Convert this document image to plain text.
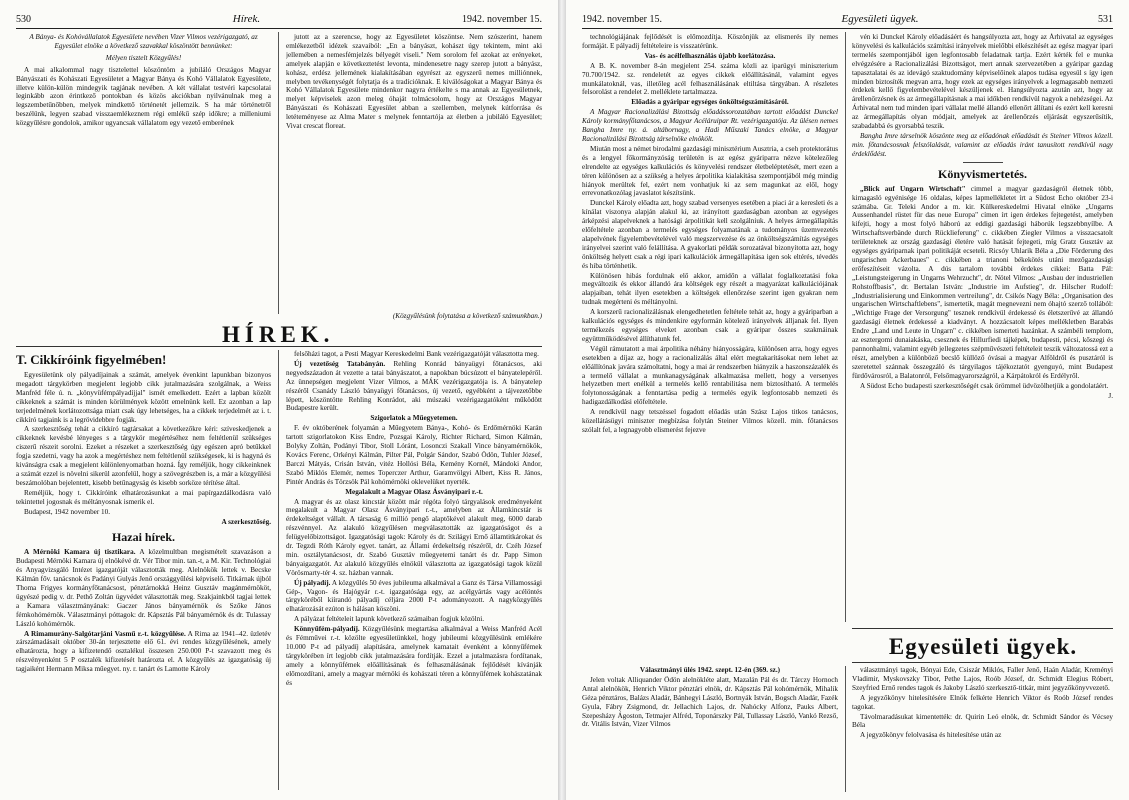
530	Hírek.	1942. november 15.

A Bánya- és Kohóvállalatok Egyesülete nevében Vizer Vilmos vezérigazgató, az Egyesület elnöke a következő szavakkal köszöntött bennünket:

Mélyen tisztelt Közgyűlés!

A mai alkalommal nagy tisztelettel köszöntöm a jubiláló Országos Magyar Bányászati és Kohászati Egyesületet a Magyar Bánya és Kohó Vállalatok Egyesülete, illetve külön-külön mindegyik tagjának nevében. A két vállalat testvéri kapcsolatai leginkább azon érintkező pontokban és közös akciókban nyilvánulnak meg a legszembetűnőbben, melyek mindkettő történetét jellemzik. S ha már történetről beszélünk, legyen szabad visszaemlékeznem régi emlékű szép időkre; a milleniumi közgyűlésre gondolok, amikor ugyancsak vállalatom egy vezető emberének

jutott az a szerencse, hogy az Egyesületet köszöntse. Nem szószerint, hanem emlékezetből idézek szavaiból: „En a bányászt, kohászt úgy tekintem, mint aki jellemében a nemesfémjelzés bélyegét viseli." Nem sorolom fel azokat az erényeket, amelyek alapján e következtetést levonta, mindenesetre nagy szerep jutott a bányász, kohász, erdész jellemének kialakításában egyrészt az egyszerű nemes milliónnek, melyben tevékenységét folytatja és a tradícióknak. E kiválóságokat a Magyar Bánya és Kohó Vállalatok Egyesülete mindenkor nagyra értékelte s ma annak az Egyesületnek, melyet képviselek azon meleg óhaját tolmácsolom, hogy az Országos Magyar Bányászati és Kohászati Egyesület abban a szellemben, melynek kútforrása és letéteményese az Alma Mater s melynek fenntartója az életben a jubiláló Egyesület; Vivat crescat floreat.

(Közgyűlésünk folytatása a következő számunkban.)
HÍREK.
T. Cikkíróink figyelmében!

Egyesületünk oly pályadíjainak a számát, amelyek évenkint lapunkban bizonyos megadott tárgykörben megjelent legjobb cikk jutalmazására szolgálnak, a Weiss Manfréd féle ú. n. „könyvüfémpályadíjjal" ismét emelkedett. Ezért a lapban közölt cikkeknek a számát is minden körülmények között emelnünk kell. Ez azonban a lap terjedelmének korlátozottsága miatt csak úgy lehetséges, ha a cikkek terjedelmét az i. t. cikkíró tagjaink is a legrövidebbre fogják.

A szerkesztőség tehát a cikkíró tagtársakat a következőkre kéri: szíveskedjenek a cikkeknek kevésbé lényeges s a tárgykör megértéséhez nem feltétlenül szükséges ciszerű részeit sorolni. Ezeket a részeket a szerkesztőség úgy egészen apró betűkkel fogja szedetni, vagy ha azok a megértéshez nem feltétlenül szükségesek, ki is hagyná és kivánságra csak a megjelent különlenyomatban hozná. Így reméljük, hogy cikkeinknek a számát ezzel is növelni sikerül azonfelül, hogy a szövegrészben is, a már a közgyűlési beszámolóban bejelentett, kisebb betűnagyság és kisebb sorköze térítése által.

Reméljük, hogy t. Cikkíróink elhatározásunkat a mai papírgazdálkodásra való tekintettel jogosnak és méltányosnak ismerik el.

Budapest, 1942 november 10.

A szerkesztőség.

Hazai hírek.

A Mérnöki Kamara új tisztikara. A közelmultban megismételt szavazáson a Budapesti Mérnöki Kamara új elnökévé dr. Vér Tibor min. tan.-t, a M. Kir. Technológiai és Anyagvizsgáló Intézet igazgatóját választották meg. Alelnökök lettek v. Becske Kálmán főv. tanácsnok és Padányi Gulyás Jenő országgyűlési képviselő. Titkárnak újból Thoma Frigyes kormányfőtanácsost, pénztárnokká Heinz Gusztáv magánmérnököt, ügyészé pedig v. dr. Pethő Zoltán ügyvédet választották meg. Szakjainkból tagjai lettek a Kamara választmányának: Gaczer János bányamérnök és Szőke János fémkohómérnök. Választmányi póttagok: dr. Kápsztás Pál bányamérnök és dr. Tulassay László kohómérnök.

A Rimamurány-Salgótarjáni Vasmű r.-t. közgyűlése. A Rima az 1941–42. üzletév zárszámadásait október 30-án terjesztette elő 61. évi rendes közgyűlésének, amely elhatározta, hogy a kifizetendő osztalékul összesen 250.000 P-t szavazott meg és részvényenként 5 P osztalék kifizetését határozta el. A közgyűlés az igazgatóság új tagjaiként Hermann Miksa műegyet. ny. r. tanárt és Lamotte Károly

felsőházi tagot, a Pesti Magyar Kereskedelmi Bank vezérigazgatóját választotta meg.

Új vezetőség Tatabányán. Rehling Konrád bányaügyi főtanácsos, aki negyedszázadon át vezette a tatai bányászatot, a napokban búcsúzott el bányatelepéről. Az ünnepségen megjelent Vizer Vilmos, a MÁK vezérigazgatója is. A bányatelep részéről Csanády László bányaügyi főtanácsos, új vezető, egyébként a tájvezetőbbe lépett, köszöntötte Rehling Konrádot, aki múszaki vezérigazgatóként működött Budapestre került.

Szigorlatok a Műegyetemen.

F. év októberének folyamán a Műegyetem Bánya-, Kohó- és Erdőmérnöki Karán tartott szigorlatokon Kiss Endre, Pozsgai Károly, Richter Richard, Simon Kálmán, Bolyky Zoltán, Podányi Tibor, Stoll Lóránt, Losonczi Szakall Vince bányamérnökök, Kovács Ferenc, Orkényi Kálmán, Pilter Pál, Polgár Sándor, Szabó Ödön, Tuhler József, Barczi Mátyás, Crisán István, vitéz Hollósi Béla, Kemény Kornél, Mándoki Andor, Szabó Miklós Elemér, nemes Toperczer Arthur, Garamvölgyi Albert, Kiss R. János, Pintér András és Törzsök Pál kohómérnöki oklevelüket nyerték.

Megalakult a Magyar Olasz Ásványipari r.-t.

A magyar és az olasz kincstár között már régóta folyó tárgyalások eredményeként megalakult a Magyar Olasz Ásványipari r.-t., amelyben az Államkincstár is érdekeltséget vállalt. A társaság 6 millió pengő alaptőkével alakult meg, 6000 darab részvénnyel. Az alakuló közgyűlésen megválasztották az igazgatóságot és a felügyelőbizottságot. Igazgatósági tagok: Károly és dr. Szilágyi Ernő államtitkárokat és dr. Tegzdi Róth Károly egyet. tanárt, az Állami érdekeltség részéről, dr. Czéh József min. osztálytanácsost, dr. Szabó Gusztáv műegyetemi tanárt és dr. Papp Simon bányaigazgatót. Az alakuló közgyűlés elnökül választotta az igazgatósági tagok közül Vörösmarty-tér 4. sz. házban vannak.

Új pályadíj. A közgyűlés 50 éves jubileuma alkalmával a Ganz és Társa Villamossági Gép-, Vagon- és Hajógyár r.-t. igazgatósága egy, az acélgyártás vagy acélöntés tárgyköréből kiírandó pályadíj céljára 2000 P-t adományozott. A nagyközgyűlés elhatározását ezúton is hálásan köszöni.

A pályázat feltételeit lapunk következő számaiban fogjuk közölni.

Könnyűfém-pályadíj. Közgyűlésünk megtartása alkalmával a Weiss Manfréd Acél és Fémművei r.-t. közölte egyesületünkkel, hogy jubileumi közgyűlésünk emlékére 10.000 P-t ad pályadíj alapítására, amelynek kamatait évenként a könnyűfémek tárgykörében írt legjobb cikk jutalmazására fordítják. Ezzel a jutalmazásra fordítanak, amely a könnyűfémek előállításának és felhasználásának fejlődését kívánják előmozdítani, amely a magyar mérnöki és kohászati téren a könnyűfémek kohászatának és

1942. november 15.	Egyesületi ügyek.	531

technológiájának fejlődését is előmozdítja. Köszönjük az elismerés ily nemes formáját. E pályadíj feltételeire is visszatérünk.

Vas- és acélfelhasználás újabb korlátozása.

A B. K. november 8-án megjelent 254. száma közli az iparügyi miniszterium 70.700/1942. sz. rendeletét az egyes cikkek előállításánál, valamint egyes munkálatoknál, vas, illetőleg acél felhasználásának eltiltása tárgyában. A részletes felsorolást a rendelet 2. melléklete tartalmazza.

Előadás a gyáripar egységes önköltségszámításáról.

A Magyar Racionalizálási Bizottság előadássorozatában tartott előadást Dunckel Károly kormányfőtanácsos, a Magyar Acéláruipar Rt. vezérigazgatója. Az ülésen nemes Bangha Imre ny. á. altábornagy, a Hadi Műszaki Tanács elnöke, a Magyar Racionalizálási Bizottság társelnöke elnökölt.

Miután most a német birodalmi gazdasági minisztérium Ausztria, a cseh protektorátus és a lengyel főkormányzóság területén is az egész gyáriparra nézve kötelezőleg elrendelte az egységes kalkulációs és könyvelési rendszer életbeléptetését, mert ezen a téren különösen az a szükség a helyes árpolitika kialakítása szempontjából még mindig hiányok merültek fel, ezért nem vonhatjuk ki az sem magunkat az elől, hogy errevonatkozólag javaslatot készítsünk.

Dunckel Károly előadta azt, hogy szabad versenyes esetében a piaci ár a keresleti és a kínálat viszonya alapján alakul ki, az irányított gazdaságban azonban az egységes árképzési alapelveknek a hatósági árpolitikát kell szolgálniuk. A helyes ármegállapítás előfeltétele azonban a termelés egységes folyamatának a tudományos üzemvezetés alapelvének figyelembevételével való megszervezése és az önköltségszámítás egységes irányelvei szerint való felállítása. A gyakorlati példák sorozatával bizonyította azt, hogy önköltség helyett csak a régi ipari kalkulációk ármegállapítása igen sok eltérés, tévedés és hiba történhetik.

Különösen hibás fordulnak elő akkor, amidőn a vállalat foglalkoztatási foka megváltozik és ekkor állandó ára költségek egy részét a magyarázat kalkulációjának alapjaiban, tehát ilyen esetekben a költségek ellenőrzése szerint igen gyakran nem tudnak megérteni és méltányolni.

A korszerű racionalizálásnak elengedhetetlen feltétele tehát az, hogy a gyáriparban a kalkulációs egységes és mindenkire egyformán kötelező irányelvek álljanak fel. Ilyen termékezés egységes elveket azonban csak a gyáripar összes szakmáinak együttműködésével állíthatunk fel.

Végül rámutatott a mai árpolitika néhány hiányosságára, különösen arra, hogy egyes esetekben a díjaz az, hogy a racionalizálás által elért megtakarításokat nem lehet az előállítónak javára számoltatni, hogy a mai ár rendszerben hiányzik a haszonszázalék és a termelő vállalat a munkanagyságának alkalmazása mellett, hogy a versenyes helyzetben mert enélkül a termelés kellő rentabilitása nem biztosítható. A termelés folytonosságának a fenntartása pedig a termelés egyik legfontosabb nemzeti és hadigazdálkodási előfeltétele.

A rendkívül nagy tetszéssel fogadott előadás után Szász Lajos titkos tanácsos, közellátásügyi miniszter megbízása folytán Steiner Vilmos közell. min. főtanácsos szólalt fel, a legnagyobb elismerést fejezve

vén ki Dunckel Károly előadásáért és hangsúlyozta azt, hogy az Árhivatal az egységes könyvelési és kalkulációs számítási irányelvek mielőbbi elkészítését az egész magyar ipari termelés szempontjából igen legfontosabb feladatnak tartja. Ezért kérték fel e munka elvégzésére a Racionalizálási Bizottságot, mert annak szervezetében a gyáripar gazdag tapasztalatai és az idevágó szaktudomány képviselőinek alapos tudása egyesül s így igen minden biztosíték megvan arra, hogy ezek az egységes irányelvek a legmagasabb nemzeti érdekek kellő figyelembevételével készüljenek el. Hangsúlyozta azután azt, hogy az árellenőrzésnek és az ármegállapításnak a mai időkben rendkívül nagyok a nehézségei. Az Árhivatal nem tud minden ipari vállalat mellé állandó ellenőrt állítani és ezért kell keresni az ármegállapítás olyan módjait, amelyek az árellenőrzés eljárását egyszerűsítik, szabadabbá és gyorsabbá teszik.

Bangha Imre társelnök köszönte meg az előadónak előadását és Steiner Vilmos közell. min. főtanácsosnak felszólalását, valamint az előadás iránt tanusított rendkívül nagy érdeklődést.

Könyvismertetés.

„Blick auf Ungarn Wirtschaft" cimmel a magyar gazdaságról életnek több, kimagasló egyénisége 16 oldalas, képes lapmellékletet írt a Südost Echo október 23-i számába. Gr. Teleki Andor a m. kir. Külkereskedelmi Hivatal elnöke „Ungarns Aussenhandel rüstet für das neue Europa" címen írt igen érdekes fejtegetést, amelyben kifejti, hogy a most folyó háború az eddigi gazdasági háborúk legszebbnyílbe. A Wirtschaftsverbände durch Rücklieferung" c. cikkében Ziegler Vilmos a visszacsatolt területeknek az ország gazdasági életére való hatását fejtegeti, míg Gratz Gusztáv az egységes gyáriparnak ipari politikáját ecseteli. Ricsóy Uhlarik Béla a „Die Förderung des ungarischen Ackerbaues" c. cikkében a trianoni békekötés utáni mezőgazdasági erőfeszítéseit vázolta. A dús tartalom további érdekes cikkei: Batta Pál: „Leistungsteigerung in Ungarns Wehrzucht", dr. Nötel Vilmos: „Ausbau der industriellen Rohstoffbasis", dr. Bertalan István: „Industrie im Aufstieg", dr. Hilscher Rudolf: „Industrialisierung und Einkommen vertreilung", dr. Csikós Nagy Béla: „Organisation des ungarischen Wirtschaftlebens", ismertetik, magát megnevezni nem óhajtó szerző tollából: „Wichtige Frage der Versorgung" tesznek rendkívül érdekessé és életszerűvé az állandó gazdasági életnek érdekessé a kiadványt. A hozzácsatolt képes mellékletben Barabás Endre „Land und Leute in Ungarn" c. cikkében ismerteti hazánkat. A számbéli templom, az esztergomi dunaiakáska, csesznek és Hillurfiedi tájképek, budapesti, pécsi, kőszegi és pannonhalmi, valamint egyéb jellegzetes szépművészeti feltételeit teszik változatossá ezt a részt, amelyben a különböző becslő küllöző óvásai a magyar Alföldről és pusztáról is szeretettel szánnak összegzáló és tárgyilagos tájékoztatót gyenguyó, mint Budapest fürdővárosról, a Balatonról, Felsőmagyarországról, a Kárpátokról és Erdélyről.

A Südost Echo budapesti szerkesztőségét csak örömmel üdvözölhetjük a gondolatáért.

J.

Egyesületi ügyek.

Választmányi ülés 1942. szept. 12-én (369. sz.)

Jelen voltak Alliquander Ödön alelnökléte alatt, Mazalán Pál és dr. Tárczy Hornoch Antal alelnökök, Henrich Viktor pénztári elnök, dr. Kápsztás Pál kohómérnök, Mihalik Géza pénztáros, Balázs Aladár, Bánhegyi László, Bortnyák István, Bogsch Aladár, Fazék Gyula, Fábry Zsigmond, dr. Jellachich Lajos, dr. Nahócky Alfonz, Pauks Albert, Szepesházy Ágoston, Tetmajer Alfréd, Toponárszky Pál, Tullassay László, Vankó Rezső, dr. Vitális István, Vizer Vilmos

választmányi tagok, Bónyai Ede, Csiszár Miklós, Faller Jenő, Haán Aladár, Kreményi Vladimir, Myskovszky Tibor, Pethe Lajos, Roób József, dr. Schmidt Elegius Róbert, Szeyfried Ernő rendes tagok és Jakoby László szerkesztő-titkár, mint jegyzőkönyvvezető.

A jegyzőkönyv hitelesítésére Elnök felkérte Henrich Viktor és Roób József rendes tagokat.

Távolmaradásukat kimentették: dr. Quirin Leó elnök, dr. Schmidt Sándor és Vécsey Béla

A jegyzőkönyv felolvasása és hitelesítése után az
